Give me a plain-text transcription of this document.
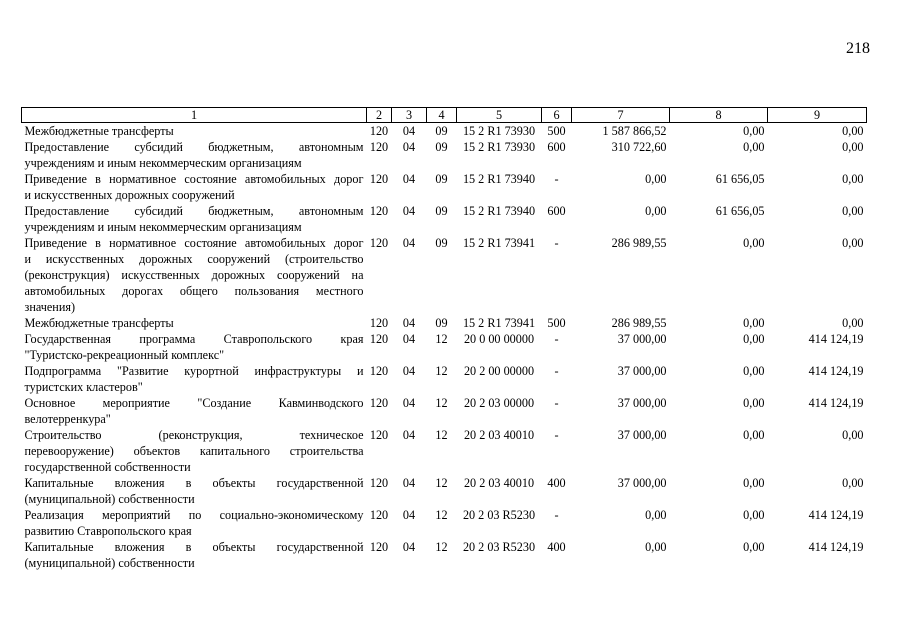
218
1	2	3	4	5	6	7	8	9

Межбюджетные трансферты	120	04	09	15 2 R1 73930	500	1 587 866,52	0,00	0,00

Предоставление субсидий бюджетным, автономным
учреждениям и иным некоммерческим организациям	120	04	09	15 2 R1 73930	600	310 722,60	0,00	0,00

Приведение в нормативное состояние автомобильных дорог
и искусственных дорожных сооружений	120	04	09	15 2 R1 73940	-	0,00	61 656,05	0,00

Предоставление субсидий бюджетным, автономным
учреждениям и иным некоммерческим организациям	120	04	09	15 2 R1 73940	600	0,00	61 656,05	0,00

Приведение в нормативное состояние автомобильных дорог
и искусственных дорожных сооружений (строительство
(реконструкция) искусственных дорожных сооружений на
автомобильных дорогах общего пользования местного
значения)	120	04	09	15 2 R1 73941	-	286 989,55	0,00	0,00

Межбюджетные трансферты	120	04	09	15 2 R1 73941	500	286 989,55	0,00	0,00

Государственная программа Ставропольского края
"Туристско-рекреационный комплекс"	120	04	12	20 0 00 00000	-	37 000,00	0,00	414 124,19

Подпрограмма "Развитие курортной инфраструктуры и
туристских кластеров"	120	04	12	20 2 00 00000	-	37 000,00	0,00	414 124,19

Основное мероприятие "Создание Кавминводского
велотерренкура"	120	04	12	20 2 03 00000	-	37 000,00	0,00	414 124,19

Строительство (реконструкция, техническое
перевооружение) объектов капитального строительства
государственной собственности	120	04	12	20 2 03 40010	-	37 000,00	0,00	0,00

Капитальные вложения в объекты государственной
(муниципальной) собственности	120	04	12	20 2 03 40010	400	37 000,00	0,00	0,00

Реализация мероприятий по социально-экономическому
развитию Ставропольского края	120	04	12	20 2 03 R5230	-	0,00	0,00	414 124,19

Капитальные вложения в объекты государственной
(муниципальной) собственности	120	04	12	20 2 03 R5230	400	0,00	0,00	414 124,19
